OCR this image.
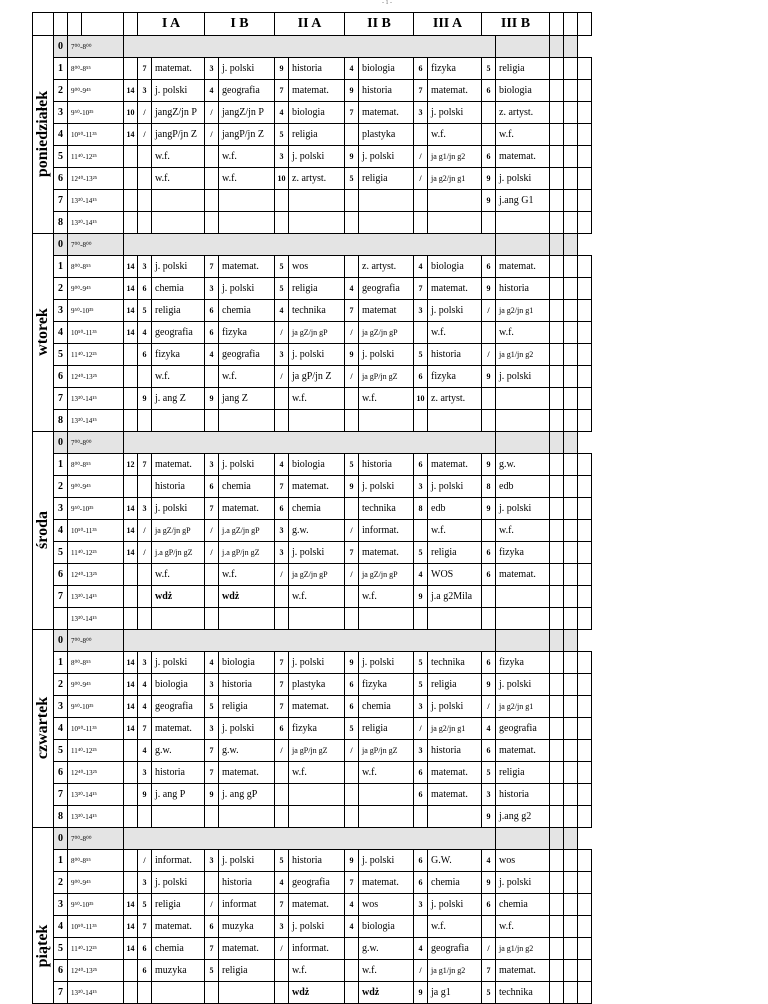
- 1 -
					I A		I B		II A		II B		III A		III B				

poniedziałek	0	7⁰⁰-8⁰⁰																	
	1	8⁰⁰-8⁵⁵			7	matemat.	3	j. polski	9	historia	4	biologia	6	fizyka	5	religia			
	2	9⁰⁰-9⁴⁵		14	3	j. polski	4	geografia	7	matemat.	9	historia	7	matemat.	6	biologia			
	3	9⁵⁰-10³⁵		10	/	jangZ/jn P	/	jangZ/jn P	4	biologia	7	matemat.	3	j. polski		z. artyst.			
	4	10⁵⁰-11³⁵		14	/	jangP/jn Z	/	jangP/jn Z	5	religia		plastyka		w.f.		w.f.			
	5	11⁴⁰-12²⁵				w.f.		w.f.	3	j. polski	9	j. polski	/	ja g1/jn g2	6	matemat.			
	6	12⁴⁰-13²⁵				w.f.		w.f.	10	z. artyst.	5	religia	/	ja g2/jn g1	9	j. polski			
	7	13³⁰-14¹⁵													9	j.ang G1			
	8	13³⁰-14¹⁵																	

wtorek	0	7⁰⁰-8⁰⁰																	
	1	8⁰⁰-8⁵⁵		14	3	j. polski	7	matemat.	5	wos		z. artyst.	4	biologia	6	matemat.			
	2	9⁰⁰-9⁴⁵		14	6	chemia	3	j. polski	5	religia	4	geografia	7	matemat.	9	historia			
	3	9⁵⁰-10³⁵		14	5	religia	6	chemia	4	technika	7	matemat	3	j. polski	/	ja g2/jn g1			
	4	10⁵⁰-11³⁵		14	4	geografia	6	fizyka	/	ja gZ/jn gP	/	ja gZ/jn gP		w.f.		w.f.			
	5	11⁴⁰-12²⁵			6	fizyka	4	geografia	3	j. polski	9	j. polski	5	historia	/	ja g1/jn g2			
	6	12⁴⁰-13²⁵				w.f.		w.f.	/	ja gP/jn Z	/	ja gP/jn gZ	6	fizyka	9	j. polski			
	7	13³⁰-14¹⁵			9	j. ang Z	9	jang Z		w.f.		w.f.	10	z. artyst.					
	8	13³⁰-14¹⁵																	

środa	0	7⁰⁰-8⁰⁰																	
	1	8⁰⁰-8⁵⁵		12	7	matemat.	3	j. polski	4	biologia	5	historia	6	matemat.	9	g.w.			
	2	9⁰⁰-9⁴⁵				historia	6	chemia	7	matemat.	9	j. polski	3	j. polski	8	edb			
	3	9⁵⁰-10³⁵		14	3	j. polski	7	matemat.	6	chemia		technika	8	edb	9	j. polski			
	4	10⁵⁰-11³⁵		14	/	ja gZ/jn gP	/	j.a gZ/jn gP	3	g.w.	/	informat.		w.f.		w.f.			
	5	11⁴⁰-12²⁵		14	/	j.a gP/jn gZ	/	j.a gP/jn gZ	3	j. polski	7	matemat.	5	religia	6	fizyka			
	6	12⁴⁰-13²⁵				w.f.		w.f.	/	ja gZ/jn gP	/	ja gZ/jn gP	4	WOS	6	matemat.			
	7	13³⁰-14¹⁵				wdż		wdż		w.f.		w.f.	9	j.a g2Mila					
		13³⁰-14¹⁵																	

czwartek	0	7⁰⁰-8⁰⁰																	
	1	8⁰⁰-8⁵⁵		14	3	j. polski	4	biologia	7	j. polski	9	j. polski	5	technika	6	fizyka			
	2	9⁰⁰-9⁴⁵		14	4	biologia	3	historia	7	plastyka	6	fizyka	5	religia	9	j. polski			
	3	9⁵⁰-10³⁵		14	4	geografia	5	religia	7	matemat.	6	chemia	3	j. polski	/	ja g2/jn g1			
	4	10⁵⁰-11³⁵		14	7	matemat.	3	j. polski	6	fizyka	5	religia	/	ja g2/jn g1	4	geografia			
	5	11⁴⁰-12²⁵			4	g.w.	7	g.w.	/	ja gP/jn gZ	/	ja gP/jn gZ	3	historia	6	matemat.			
	6	12⁴⁰-13²⁵			3	historia	7	matemat.		w.f.		w.f.	6	matemat.	5	religia			
	7	13³⁰-14¹⁵			9	j. ang P	9	j. ang gP					6	matemat.	3	historia			
	8	13³⁰-14¹⁵													9	j.ang g2			

piątek	0	7⁰⁰-8⁰⁰																	
	1	8⁰⁰-8⁵⁵			/	informat.	3	j. polski	5	historia	9	j. polski	6	G.W.	4	wos			
	2	9⁰⁰-9⁴⁵			3	j. polski		historia	4	geografia	7	matemat.	6	chemia	9	j. polski			
	3	9⁵⁰-10³⁵		14	5	religia	/	informat	7	matemat.	4	wos	3	j. polski	6	chemia			
	4	10⁵⁰-11³⁵		14	7	matemat.	6	muzyka	3	j. polski	4	biologia		w.f.		w.f.			
	5	11⁴⁰-12²⁵		14	6	chemia	7	matemat.	/	informat.		g.w.	4	geografia	/	ja g1/jn g2			
	6	12⁴⁰-13²⁵			6	muzyka	5	religia		w.f.		w.f.	/	ja g1/jn g2	7	matemat.			
	7	13³⁰-14¹⁵								wdż		wdż	9	ja g1	5	technika			
